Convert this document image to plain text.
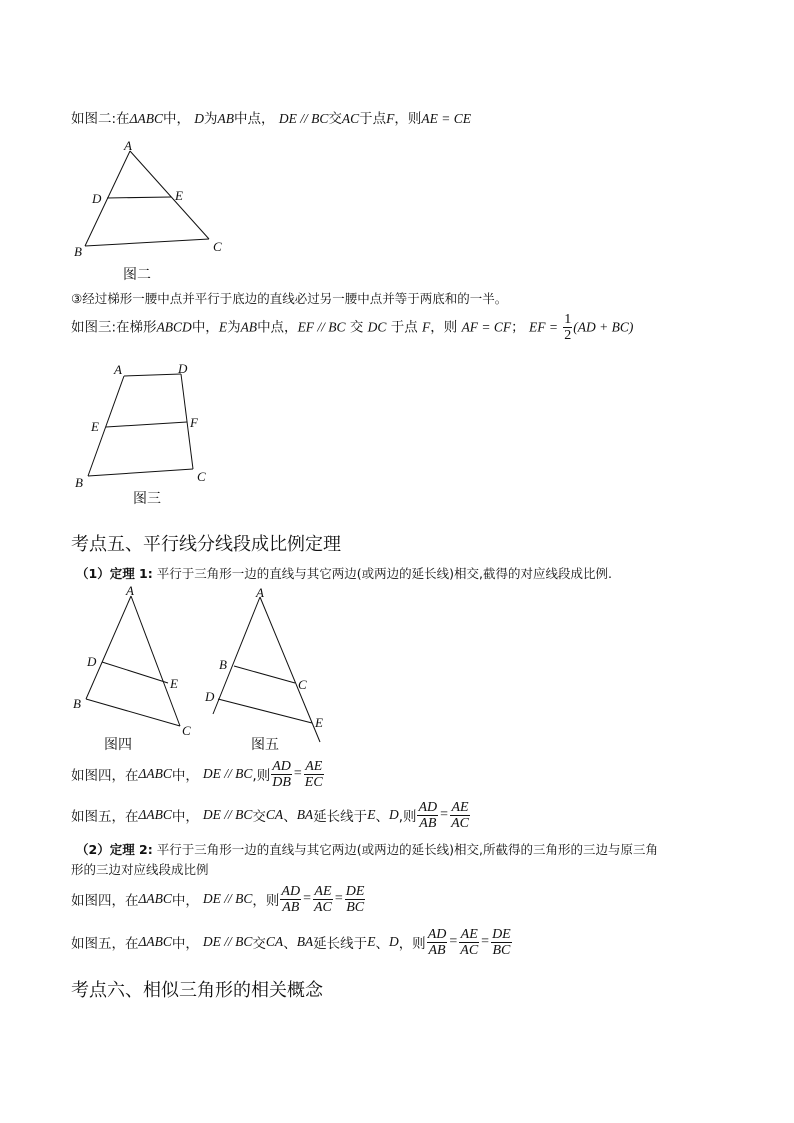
如图二:在ΔABC中， D为AB中点， DE // BC交AC于点F，则AE = CE
A
D	E
B	C
图二
③经过梯形一腰中点并平行于底边的直线必过另一腰中点并等于两底和的一半。
如图三:在梯形ABCD中，E为AB中点，EF // BC 交 DC 于点 F，则 AF = CF； EF = $\frac{1}{2} (AD + BC)$
A	D
E	F
B	C
图三
考点五、平行线分线段成比例定理
（1）定理 1: 平行于三角形一边的直线与其它两边(或两边的延长线)相交,截得的对应线段成比例.
A
D
E
B
C
图四
A
B
C
D
E
图五
如图四，在 ΔABC 中， DE // BC ,则 $\frac{AD}{DB} = \frac{AE}{EC}$
如图五，在 ΔABC 中， DE // BC 交 CA 、 BA 延长线于 E 、 D ,则 $\frac{AD}{AB} = \frac{AE}{AC}$
（2）定理 2: 平行于三角形一边的直线与其它两边(或两边的延长线)相交,所截得的三角形的三边与原三角
形的三边对应线段成比例
如图四，在 ΔABC 中， DE // BC ，则 $\frac{AD}{AB} = \frac{AE}{AC} = \frac{DE}{BC}$
如图五，在 ΔABC 中， DE // BC 交 CA 、 BA 延长线于 E 、 D ，则 $\frac{AD}{AB} = \frac{AE}{AC} = \frac{DE}{BC}$
考点六、相似三角形的相关概念
